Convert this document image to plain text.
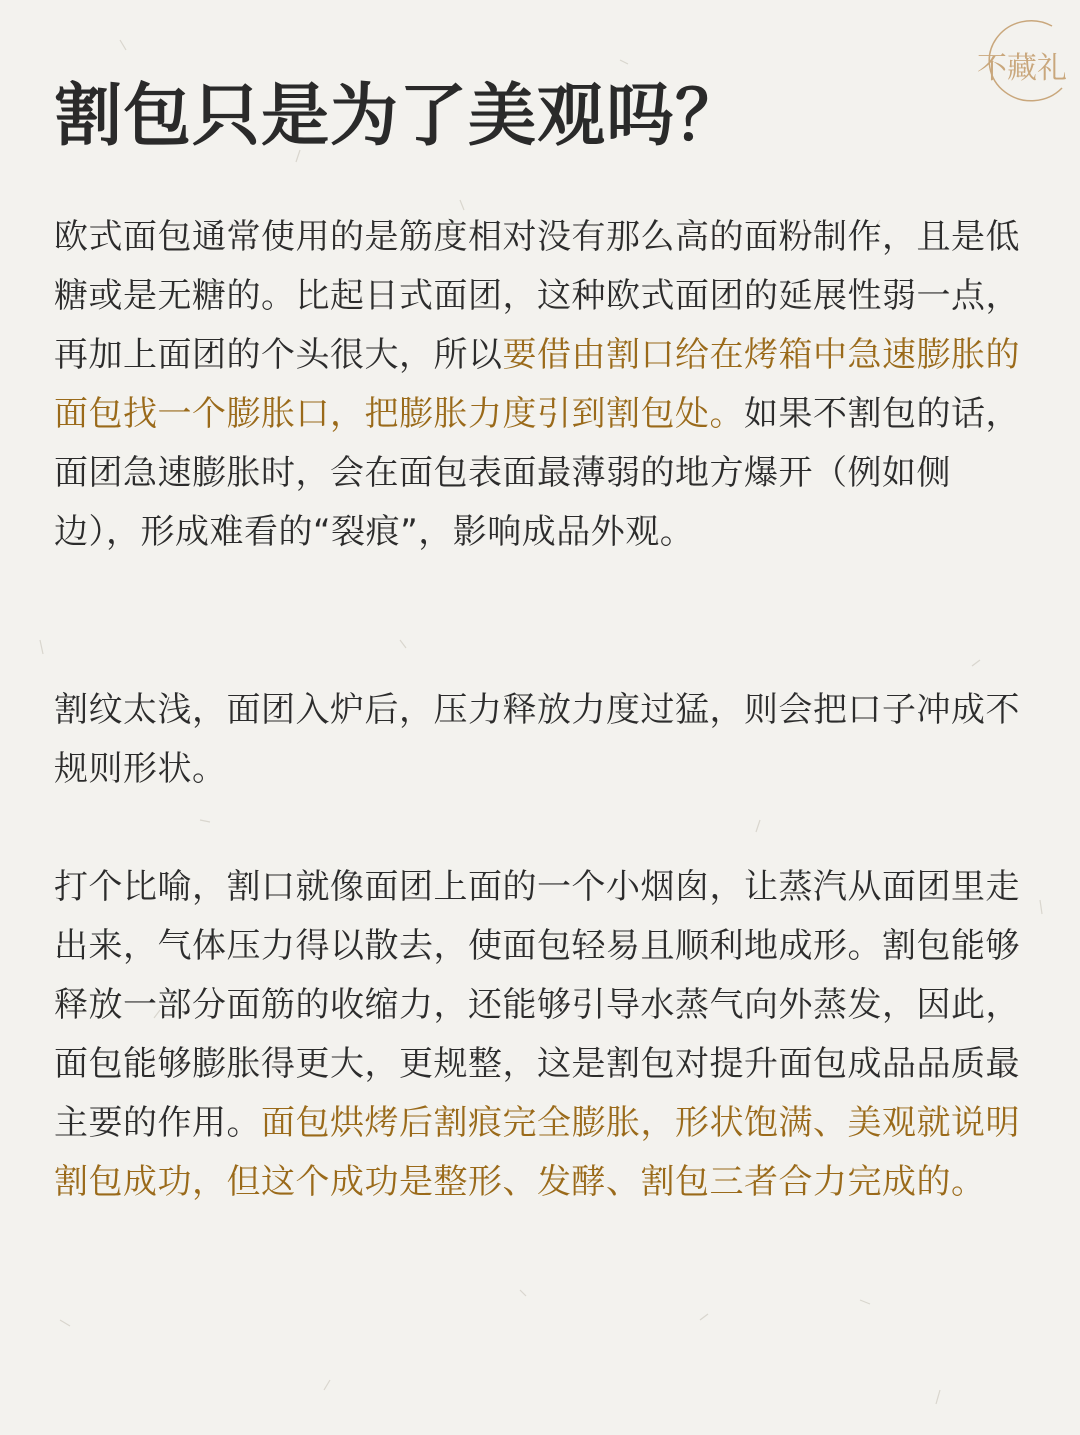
不藏礼
割包只是为了美观吗？

欧式面包通常使用的是筋度相对没有那么高的面粉制作，且是低糖或是无糖的。比起日式面团，这种欧式面团的延展性弱一点，再加上面团的个头很大，所以要借由割口给在烤箱中急速膨胀的面包找一个膨胀口，把膨胀力度引到割包处。如果不割包的话，面团急速膨胀时，会在面包表面最薄弱的地方爆开（例如侧边），形成难看的“裂痕”，影响成品外观。

割纹太浅，面团入炉后，压力释放力度过猛，则会把口子冲成不规则形状。

打个比喻，割口就像面团上面的一个小烟囱，让蒸汽从面团里走出来，气体压力得以散去，使面包轻易且顺利地成形。割包能够释放一部分面筋的收缩力，还能够引导水蒸气向外蒸发，因此，面包能够膨胀得更大，更规整，这是割包对提升面包成品品质最主要的作用。面包烘烤后割痕完全膨胀，形状饱满、美观就说明割包成功，但这个成功是整形、发酵、割包三者合力完成的。
